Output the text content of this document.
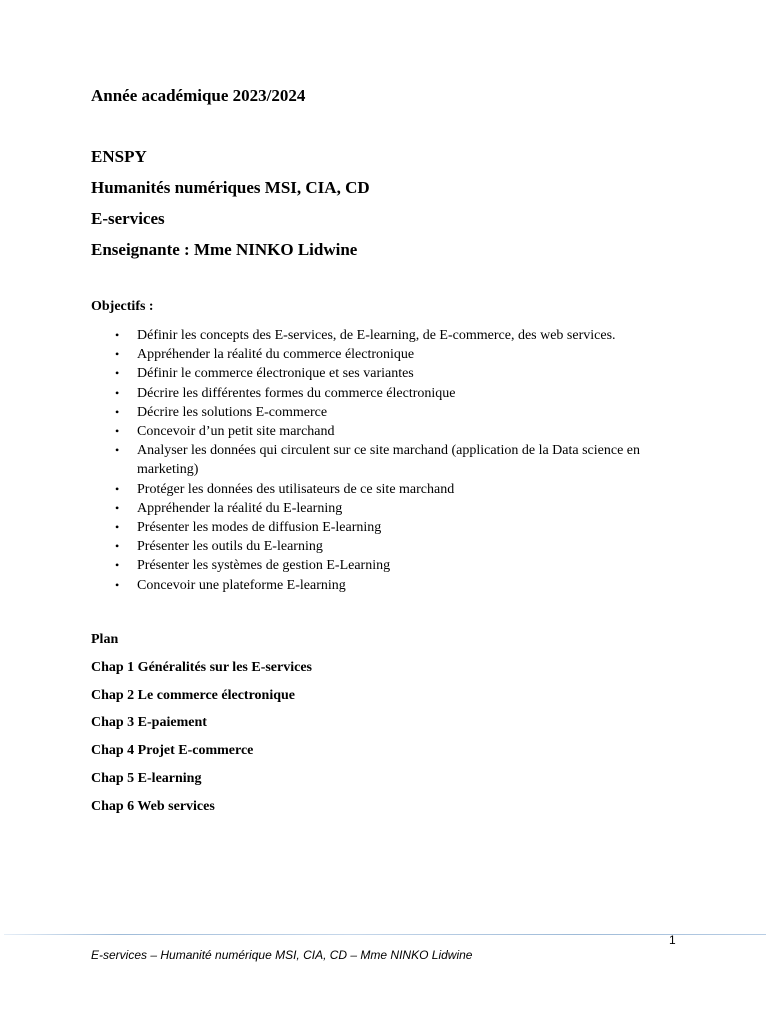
Année académique 2023/2024
ENSPY
Humanités numériques MSI, CIA, CD
E-services
Enseignante : Mme NINKO Lidwine
Objectifs :
• Définir les concepts des E-services, de E-learning, de E-commerce, des web services.
• Appréhender la réalité du commerce électronique
• Définir le commerce électronique et ses variantes
• Décrire les différentes formes du commerce électronique
• Décrire les solutions E-commerce
• Concevoir d’un petit site marchand
• Analyser les données qui circulent sur ce site marchand (application de la Data science en marketing)
• Protéger les données des utilisateurs de ce site marchand
• Appréhender la réalité du E-learning
• Présenter les modes de diffusion E-learning
• Présenter les outils du E-learning
• Présenter les systèmes de gestion E-Learning
• Concevoir une plateforme E-learning
Plan
Chap 1 Généralités sur les E-services
Chap 2 Le commerce électronique
Chap 3 E-paiement
Chap 4 Projet E-commerce
Chap 5 E-learning
Chap 6 Web services
1
E-services – Humanité numérique MSI, CIA, CD – Mme NINKO Lidwine
